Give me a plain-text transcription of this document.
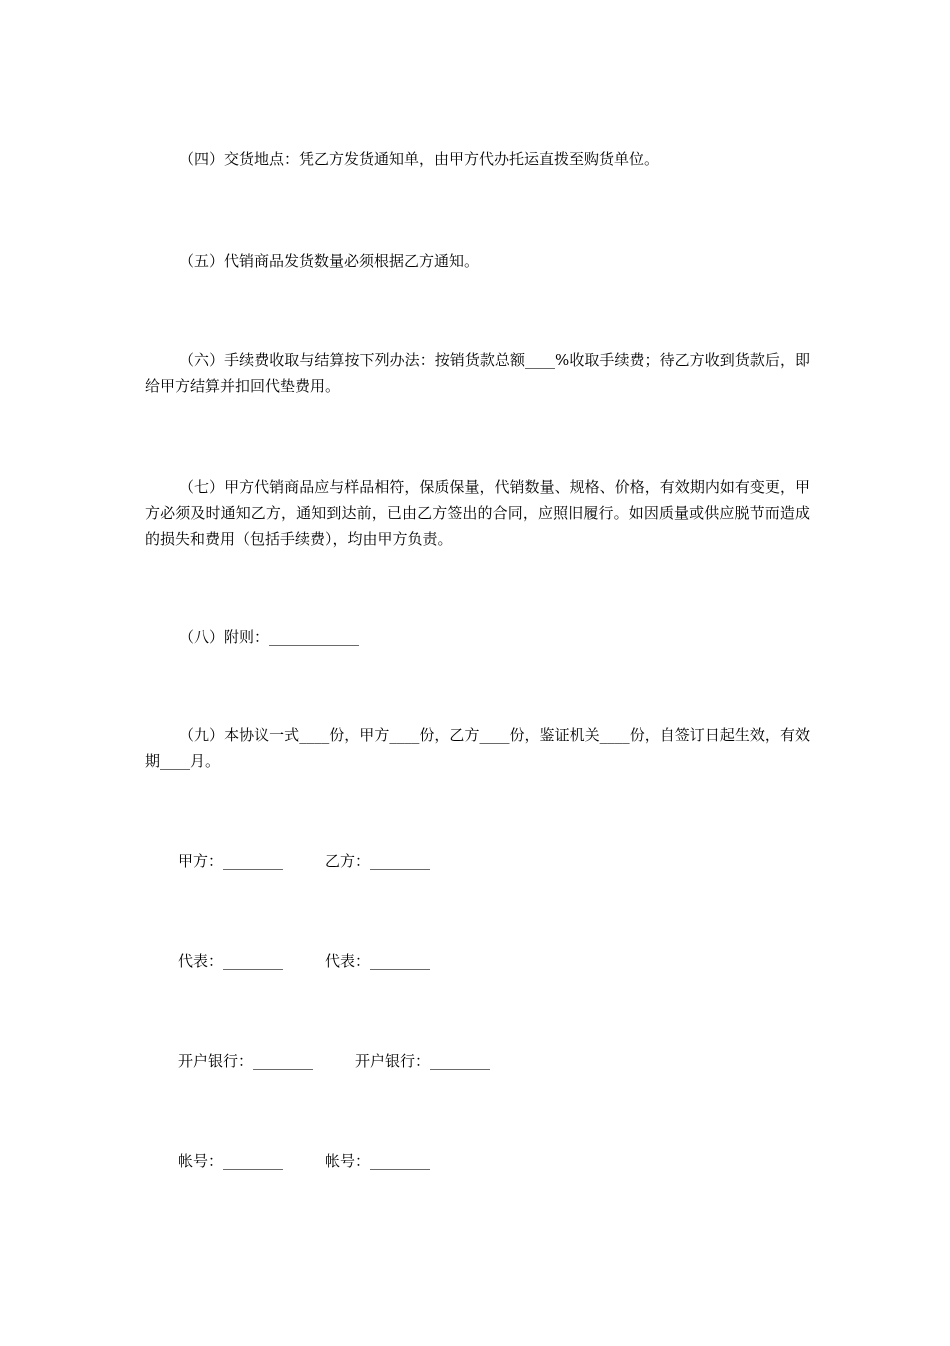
（四）交货地点：凭乙方发货通知单，由甲方代办托运直拨至购货单位。

（五）代销商品发货数量必须根据乙方通知。

（六）手续费收取与结算按下列办法：按销货款总额____%收取手续费；待乙方收到货款后，即给甲方结算并扣回代垫费用。

（七）甲方代销商品应与样品相符，保质保量，代销数量、规格、价格，有效期内如有变更，甲方必须及时通知乙方，通知到达前，已由乙方签出的合同，应照旧履行。如因质量或供应脱节而造成的损失和费用（包括手续费），均由甲方负责。

（八）附则：____________

（九）本协议一式____份，甲方____份，乙方____份，鉴证机关____份，自签订日起生效，有效期____月。

甲方：________	乙方：________
代表：________	代表：________
开户银行：________	开户银行：________
帐号：________	帐号：________
